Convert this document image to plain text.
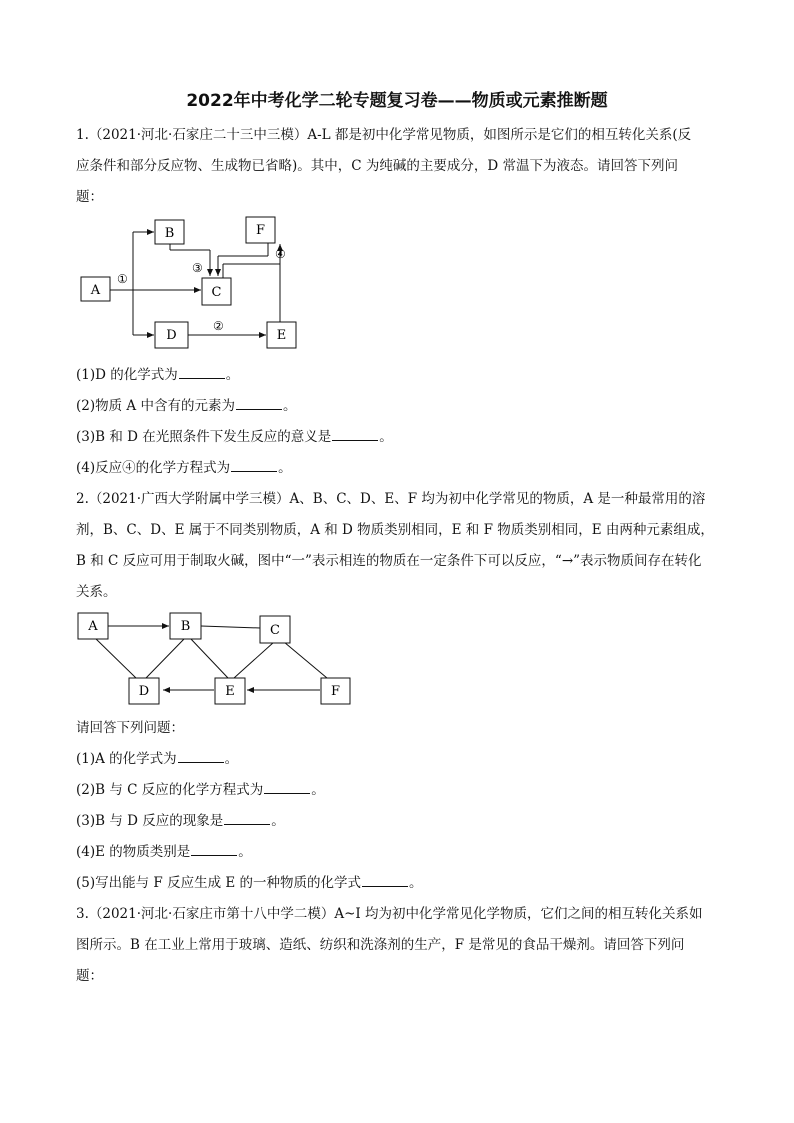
2022年中考化学二轮专题复习卷——物质或元素推断题
1.（2021·河北·石家庄二十三中三模）A-L 都是初中化学常见物质，如图所示是它们的相互转化关系(反
应条件和部分反应物、生成物已省略)。其中，C 为纯碱的主要成分，D 常温下为液态。请回答下列问
题：
A
B
C
D	E
F
①
②
③
④
(1)D 的化学式为	。
(2)物质 A 中含有的元素为	。
(3)B 和 D 在光照条件下发生反应的意义是	。
(4)反应④的化学方程式为	。
2.（2021·广西大学附属中学三模）A、B、C、D、E、F 均为初中化学常见的物质，A 是一种最常用的溶
剂，B、C、D、E 属于不同类别物质，A 和 D 物质类别相同，E 和 F 物质类别相同，E 由两种元素组成，
B 和 C 反应可用于制取火碱，图中“一”表示相连的物质在一定条件下可以反应，“→”表示物质间存在转化
关系。
A	B	C
D	E	F
请回答下列问题：
(1)A 的化学式为	。
(2)B 与 C 反应的化学方程式为	。
(3)B 与 D 反应的现象是	。
(4)E 的物质类别是	。
(5)写出能与 F 反应生成 E 的一种物质的化学式	。
3.（2021·河北·石家庄市第十八中学二模）A~I 均为初中化学常见化学物质，它们之间的相互转化关系如
图所示。B 在工业上常用于玻璃、造纸、纺织和洗涤剂的生产，F 是常见的食品干燥剂。请回答下列问
题：
